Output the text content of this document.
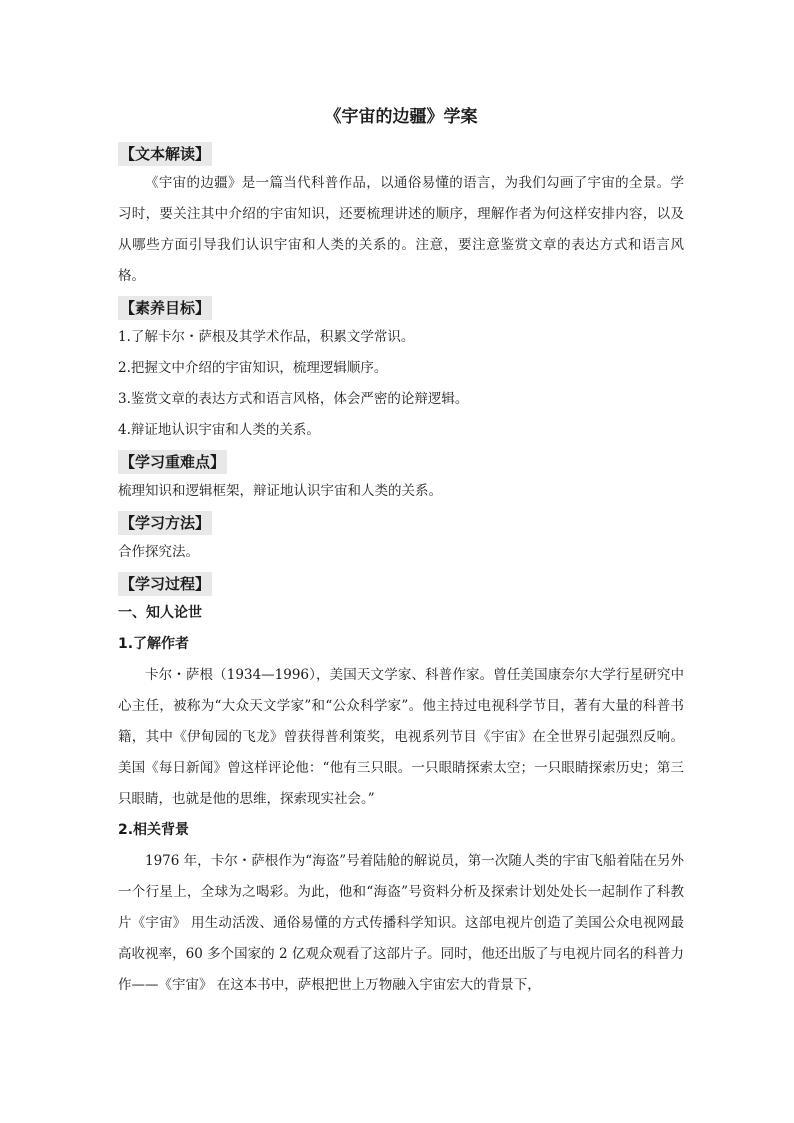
《宇宙的边疆》学案
【文本解读】

《宇宙的边疆》是一篇当代科普作品，以通俗易懂的语言，为我们勾画了宇宙的全景。学习时，要关注其中介绍的宇宙知识，还要梳理讲述的顺序，理解作者为何这样安排内容，以及从哪些方面引导我们认识宇宙和人类的关系的。注意，要注意鉴赏文章的表达方式和语言风格。

【素养目标】

1.了解卡尔・萨根及其学术作品，积累文学常识。

2.把握文中介绍的宇宙知识，梳理逻辑顺序。

3.鉴赏文章的表达方式和语言风格，体会严密的论辩逻辑。

4.辩证地认识宇宙和人类的关系。

【学习重难点】

梳理知识和逻辑框架，辩证地认识宇宙和人类的关系。

【学习方法】

合作探究法。

【学习过程】

一、知人论世

1.了解作者

卡尔・萨根（1934—1996），美国天文学家、科普作家。曾任美国康奈尔大学行星研究中心主任，被称为“大众天文学家”和“公众科学家”。他主持过电视科学节目，著有大量的科普书籍，其中《伊甸园的飞龙》曾获得普利策奖，电视系列节目《宇宙》在全世界引起强烈反响。美国《每日新闻》曾这样评论他：“他有三只眼。一只眼睛探索太空；一只眼睛探索历史；第三只眼睛，也就是他的思维，探索现实社会。”

2.相关背景

1976 年，卡尔・萨根作为“海盗”号着陆舱的解说员，第一次随人类的宇宙飞船着陆在另外一个行星上，全球为之喝彩。为此，他和“海盗”号资料分析及探索计划处处长一起制作了科教片《宇宙》 用生动活泼、通俗易懂的方式传播科学知识。这部电视片创造了美国公众电视网最高收视率，60 多个国家的 2 亿观众观看了这部片子。同时，他还出版了与电视片同名的科普力作——《宇宙》 在这本书中，萨根把世上万物融入宇宙宏大的背景下，
